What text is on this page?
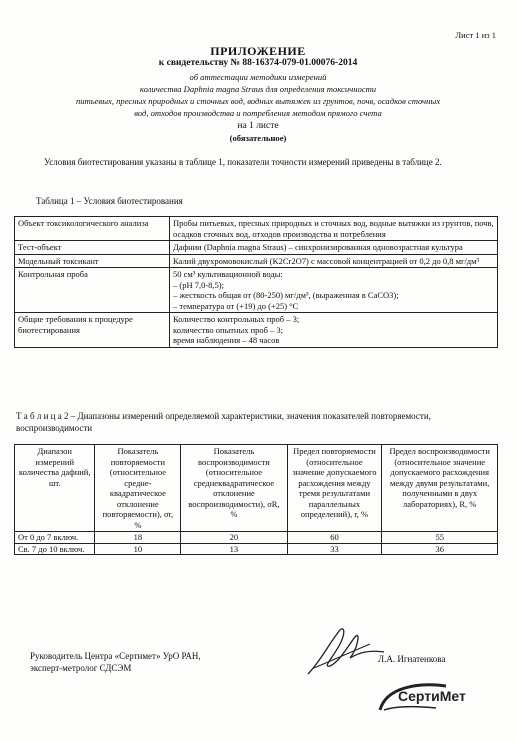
Лист 1 из 1
ПРИЛОЖЕНИЕ
к свидетельству № 88-16374-079-01.00076-2014
об аттестации методики измерений
количества Daphnia magna Straus для определения токсичности
питьевых, пресных природных и сточных вод, водных вытяжек из грунтов, почв, осадков сточных
вод, отходов производства и потребления методом прямого счета
на 1 листе
(обязательное)
Условия биотестирования указаны в таблице 1, показатели точности измерений приведены в таблице 2.
Таблица 1 – Условия биотестирования
Объект токсикологического анализа	Пробы питьевых, пресных природных и сточных вод, водные вытяжки из грунтов, почв, осадков сточных вод, отходов производства и потребления
Тест-объект	Дафнии (Daphnia magna Straus) – синхронизированная одновозрастная культура
Модельный токсикант	Калий двухромовокислый (K2Cr2O7) с массовой концентрацией от 0,2 до 0,8 мг/дм³
Контрольная проба	50 см³ культивационной воды:
– (pH 7,0-8,5);
– жесткость общая от (80-250) мг/дм³, (выраженная в CaCO3);
– температура от (+19) до (+25) °С
Общие требования к процедуре биотестирования	Количество контрольных проб – 3;
количество опытных проб – 3;
время наблюдения – 48 часов
Т а б л и ц а 2 – Диапазоны измерений определяемой характеристики, значения показателей повторяемости, воспроизводимости
Диапазон измерений количества дафний, шт.	Показатель повторяемости (относительное средне-квадратическое отклонение повторяемости), σr, %	Показатель воспроизводимости (относительное среднеквадратическое отклонение воспроизводимости), σR, %	Предел повторяемости (относительное значение допускаемого расхождения между тремя результатами параллельных определений), r, %	Предел воспроизводимости (относительное значение допускаемого расхождения между двумя результатами, полученными в двух лабораториях), R, %
От 0 до 7 включ.	18	20	60	55
Св. 7 до 10 включ.	10	13	33	36
Руководитель Центра «Сертимет» УрО РАН,
эксперт-метролог СДСЭМ
Л.А. Игнатенкова
СертиМет
